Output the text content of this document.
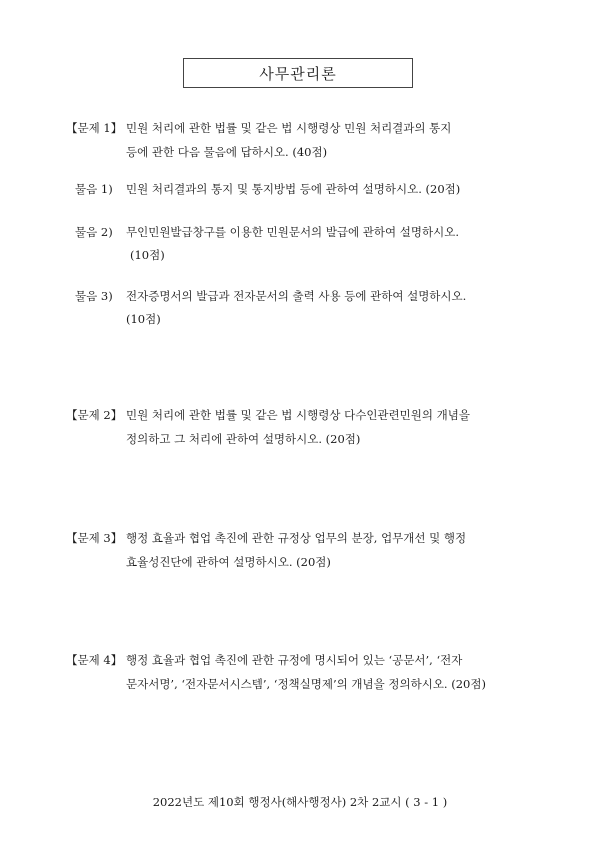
사무관리론
【문제 1】 민원 처리에 관한 법률 및 같은 법 시행령상 민원 처리결과의 통지
등에 관한 다음 물음에 답하시오. (40점)
물음 1) 민원 처리결과의 통지 및 통지방법 등에 관하여 설명하시오. (20점)
물음 2) 무인민원발급창구를 이용한 민원문서의 발급에 관하여 설명하시오.
(10점)
물음 3) 전자증명서의 발급과 전자문서의 출력 사용 등에 관하여 설명하시오.
(10점)
【문제 2】 민원 처리에 관한 법률 및 같은 법 시행령상 다수인관련민원의 개념을
정의하고 그 처리에 관하여 설명하시오. (20점)
【문제 3】 행정 효율과 협업 촉진에 관한 규정상 업무의 분장, 업무개선 및 행정
효율성진단에 관하여 설명하시오. (20점)
【문제 4】 행정 효율과 협업 촉진에 관한 규정에 명시되어 있는 ‘공문서’, ‘전자
문자서명’, ‘전자문서시스템’, ‘정책실명제’의 개념을 정의하시오. (20점)
2022년도 제10회 행정사(해사행정사) 2차 2교시 ( 3 - 1 )
